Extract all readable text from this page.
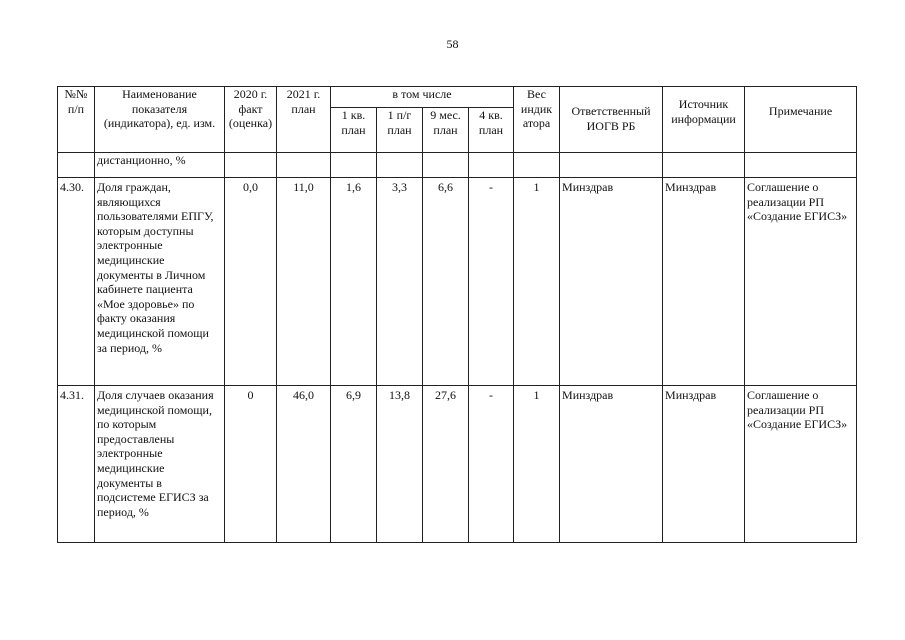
58
№№ п/п	Наименование показателя (индикатора), ед. изм.	2020 г. факт (оценка)	2021 г. план	в том числе				Вес индик атора	Ответственный ИОГВ РБ	Источник информации	Примечание
				1 кв. план	1 п/г план	9 мес. план	4 кв. план				
	дистанционно, %										
4.30.	Доля граждан, являющихся пользователями ЕПГУ, которым доступны электронные медицинские документы в Личном кабинете пациента «Мое здоровье» по факту оказания медицинской помощи за период, %	0,0	11,0	1,6	3,3	6,6	-	1	Минздрав	Минздрав	Соглашение о реализации РП «Создание ЕГИСЗ»
4.31.	Доля случаев оказания медицинской помощи, по которым предоставлены электронные медицинские документы в подсистеме ЕГИСЗ за период, %	0	46,0	6,9	13,8	27,6	-	1	Минздрав	Минздрав	Соглашение о реализации РП «Создание ЕГИСЗ»
